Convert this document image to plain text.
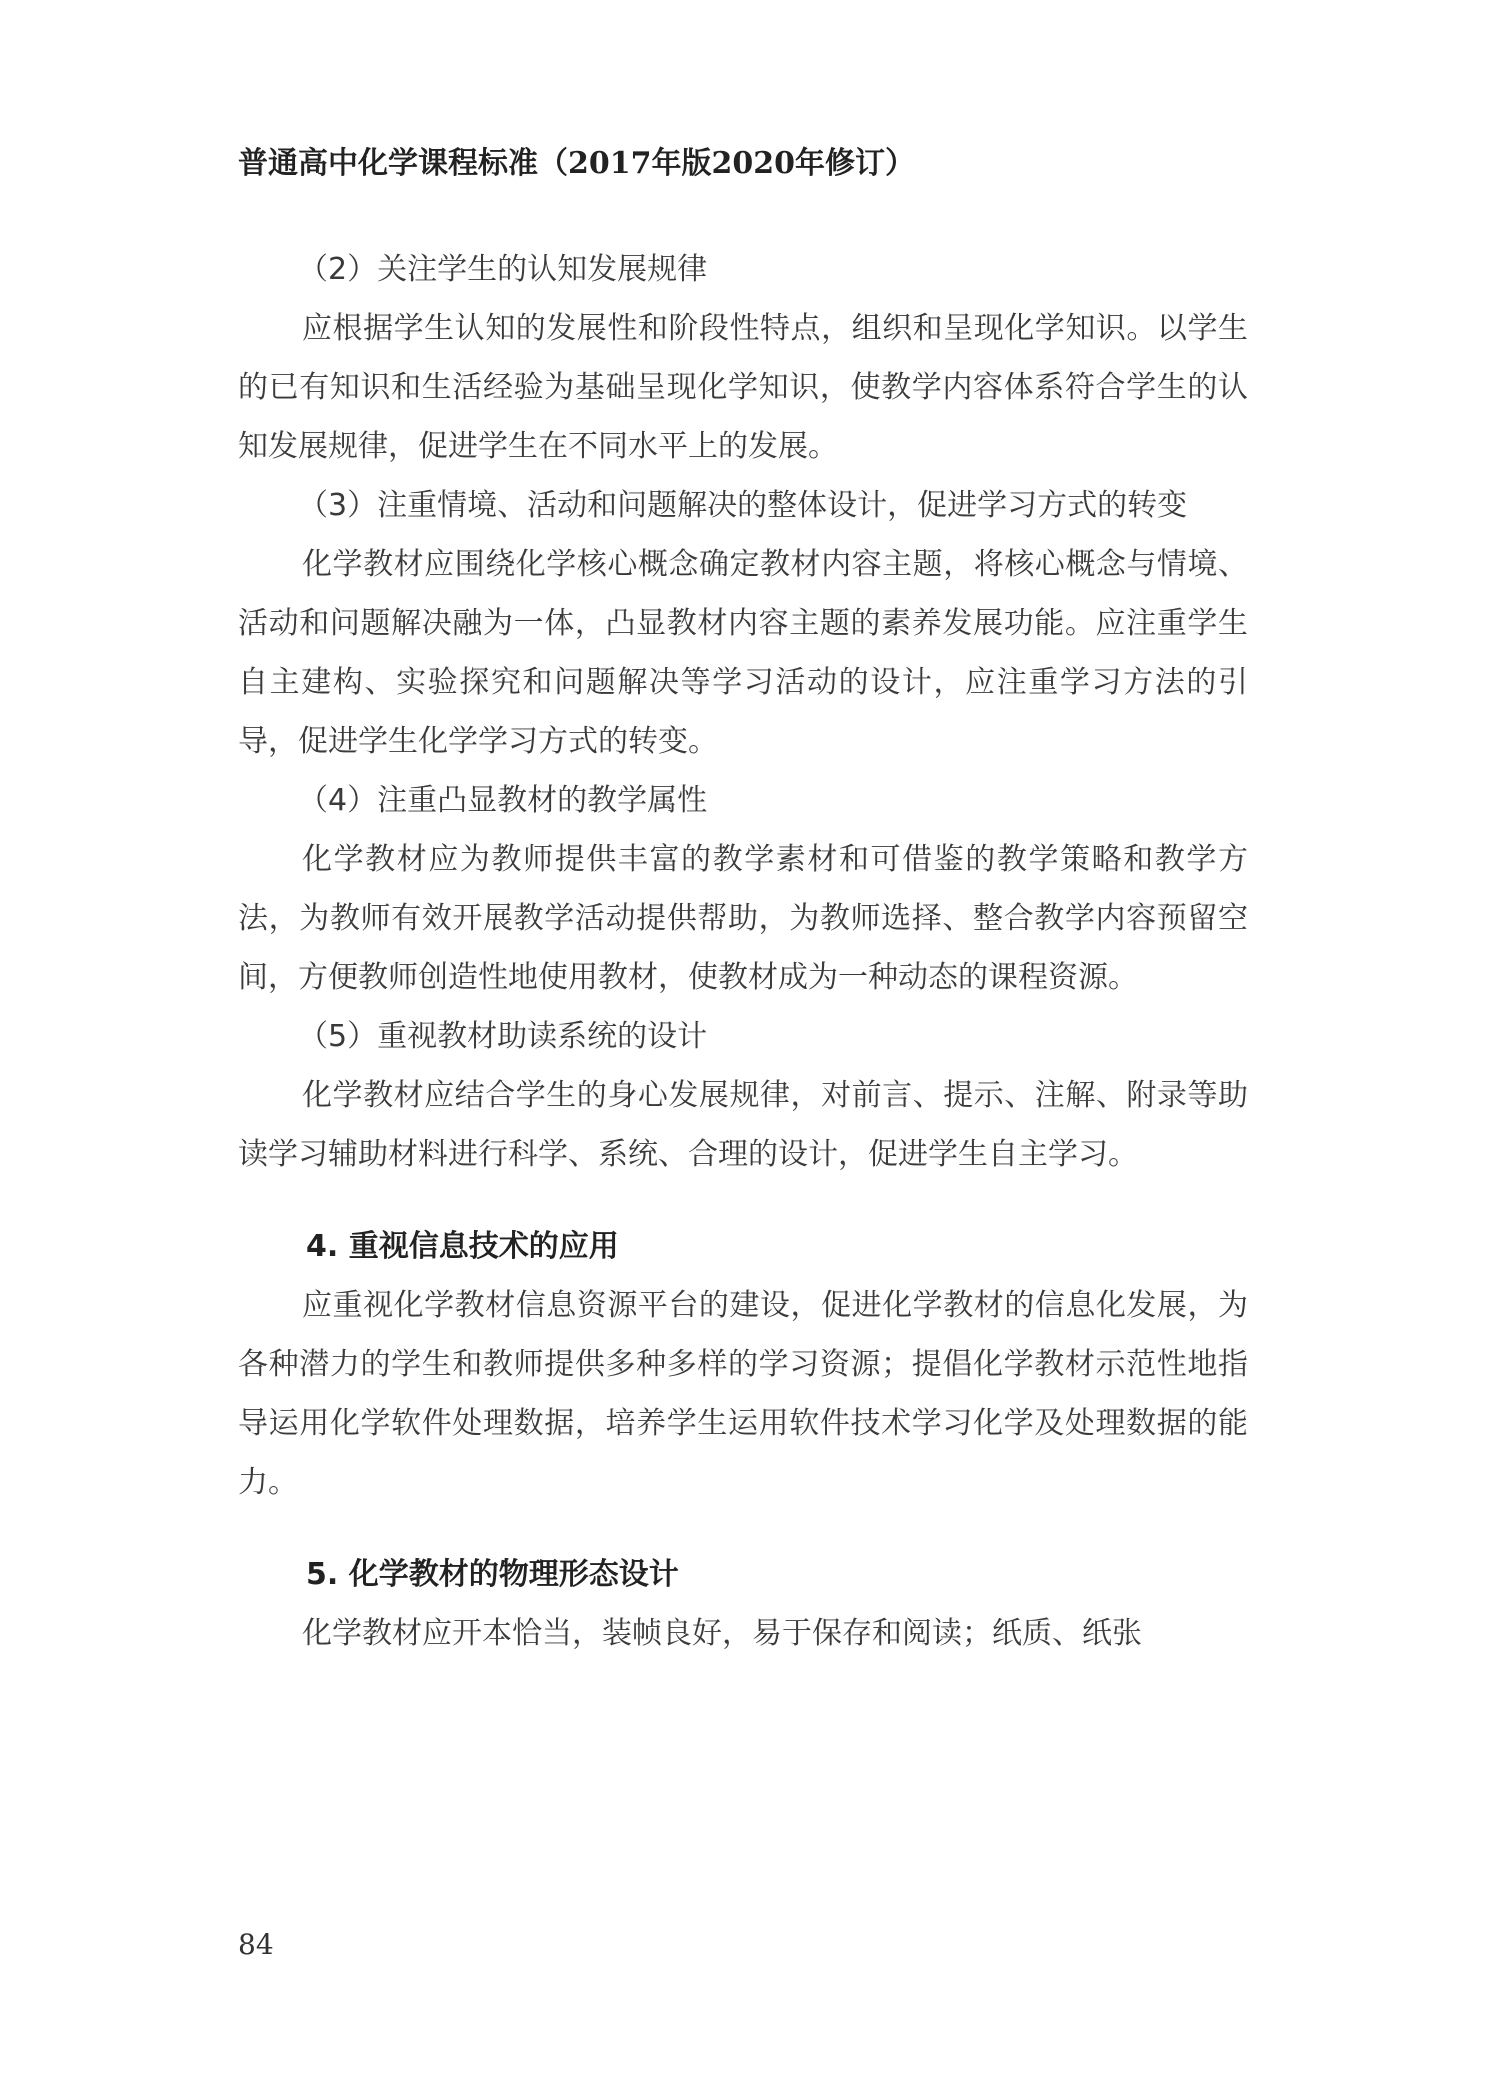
普通高中化学课程标准（2017年版2020年修订）

（2）关注学生的认知发展规律

应根据学生认知的发展性和阶段性特点，组织和呈现化学知识。以学生的已有知识和生活经验为基础呈现化学知识，使教学内容体系符合学生的认知发展规律，促进学生在不同水平上的发展。

（3）注重情境、活动和问题解决的整体设计，促进学习方式的转变

化学教材应围绕化学核心概念确定教材内容主题，将核心概念与情境、活动和问题解决融为一体，凸显教材内容主题的素养发展功能。应注重学生自主建构、实验探究和问题解决等学习活动的设计，应注重学习方法的引导，促进学生化学学习方式的转变。

（4）注重凸显教材的教学属性

化学教材应为教师提供丰富的教学素材和可借鉴的教学策略和教学方法，为教师有效开展教学活动提供帮助，为教师选择、整合教学内容预留空间，方便教师创造性地使用教材，使教材成为一种动态的课程资源。

（5）重视教材助读系统的设计

化学教材应结合学生的身心发展规律，对前言、提示、注解、附录等助读学习辅助材料进行科学、系统、合理的设计，促进学生自主学习。

4. 重视信息技术的应用

应重视化学教材信息资源平台的建设，促进化学教材的信息化发展，为各种潜力的学生和教师提供多种多样的学习资源；提倡化学教材示范性地指导运用化学软件处理数据，培养学生运用软件技术学习化学及处理数据的能力。

5. 化学教材的物理形态设计

化学教材应开本恰当，装帧良好，易于保存和阅读；纸质、纸张

84
